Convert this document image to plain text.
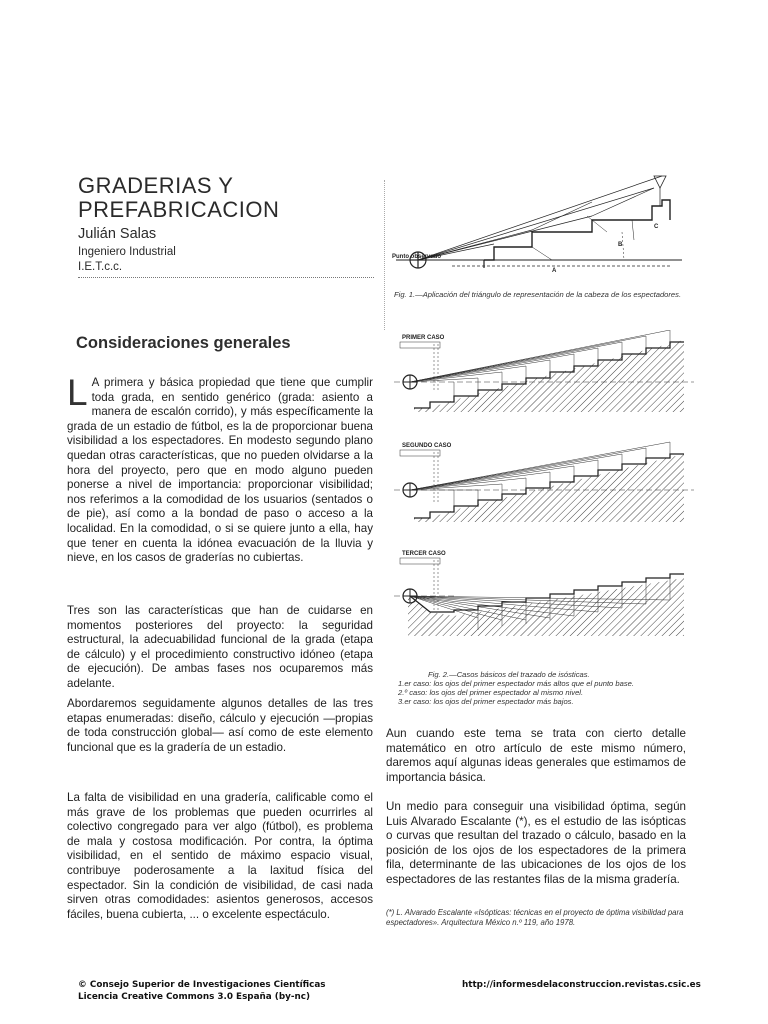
GRADERIAS Y
PREFABRICACION
Julián Salas
Ingeniero Industrial
I.E.T.c.c.
Consideraciones generales
L A primera y básica propiedad que tiene que cumplir toda grada, en sentido genérico (grada: asiento a manera de escalón corrido), y más específicamente la grada de un estadio de fútbol, es la de proporcionar buena visibilidad a los espectadores. En modesto segundo plano quedan otras características, que no pueden olvidarse a la hora del proyecto, pero que en modo alguno pueden ponerse a nivel de importancia: proporcionar visibilidad; nos referimos a la comodidad de los usuarios (sentados o de pie), así como a la bondad de paso o acceso a la localidad. En la comodidad, o si se quiere junto a ella, hay que tener en cuenta la idónea evacuación de la lluvia y nieve, en los casos de graderías no cubiertas.
Tres son las características que han de cuidarse en momentos posteriores del proyecto: la seguridad estructural, la adecuabilidad funcional de la grada (etapa de cálculo) y el procedimiento constructivo idóneo (etapa de ejecución). De ambas fases nos ocuparemos más adelante.
Abordaremos seguidamente algunos detalles de las tres etapas enumeradas: diseño, cálculo y ejecución —propias de toda construcción global— así como de este elemento funcional que es la gradería de un estadio.
La falta de visibilidad en una gradería, calificable como el más grave de los problemas que pueden ocurrirles al colectivo congregado para ver algo (fútbol), es problema de mala y costosa modificación. Por contra, la óptima visibilidad, en el sentido de máximo espacio visual, contribuye poderosamente a la laxitud física del espectador. Sin la condición de visibilidad, de casi nada sirven otras comodidades: asientos generosos, accesos fáciles, buena cubierta, ... o excelente espectáculo.
Punto observado
A
B
C
Fig. 1.—Aplicación del triángulo de representación de la cabeza de los espectadores.
PRIMER CASO
SEGUNDO CASO
TERCER CASO
Fig. 2.—Casos básicos del trazado de isósticas.
1.er caso: los ojos del primer espectador más altos que el punto base.
2.º caso: los ojos del primer espectador al mismo nivel.
3.er caso: los ojos del primer espectador más bajos.
Aun cuando este tema se trata con cierto detalle matemático en otro artículo de este mismo número, daremos aquí algunas ideas generales que estimamos de importancia básica.
Un medio para conseguir una visibilidad óptima, según Luis Alvarado Escalante (*), es el estudio de las isópticas o curvas que resultan del trazado o cálculo, basado en la posición de los ojos de los espectadores de la primera fila, determinante de las ubicaciones de los ojos de los espectadores de las restantes filas de la misma gradería.
(*) L. Alvarado Escalante «Isópticas: técnicas en el proyecto de óptima visibilidad para espectadores». Arquitectura México n.º 119, año 1978.
© Consejo Superior de Investigaciones Científicas
Licencia Creative Commons 3.0 España (by-nc)
http://informesdelaconstruccion.revistas.csic.es
